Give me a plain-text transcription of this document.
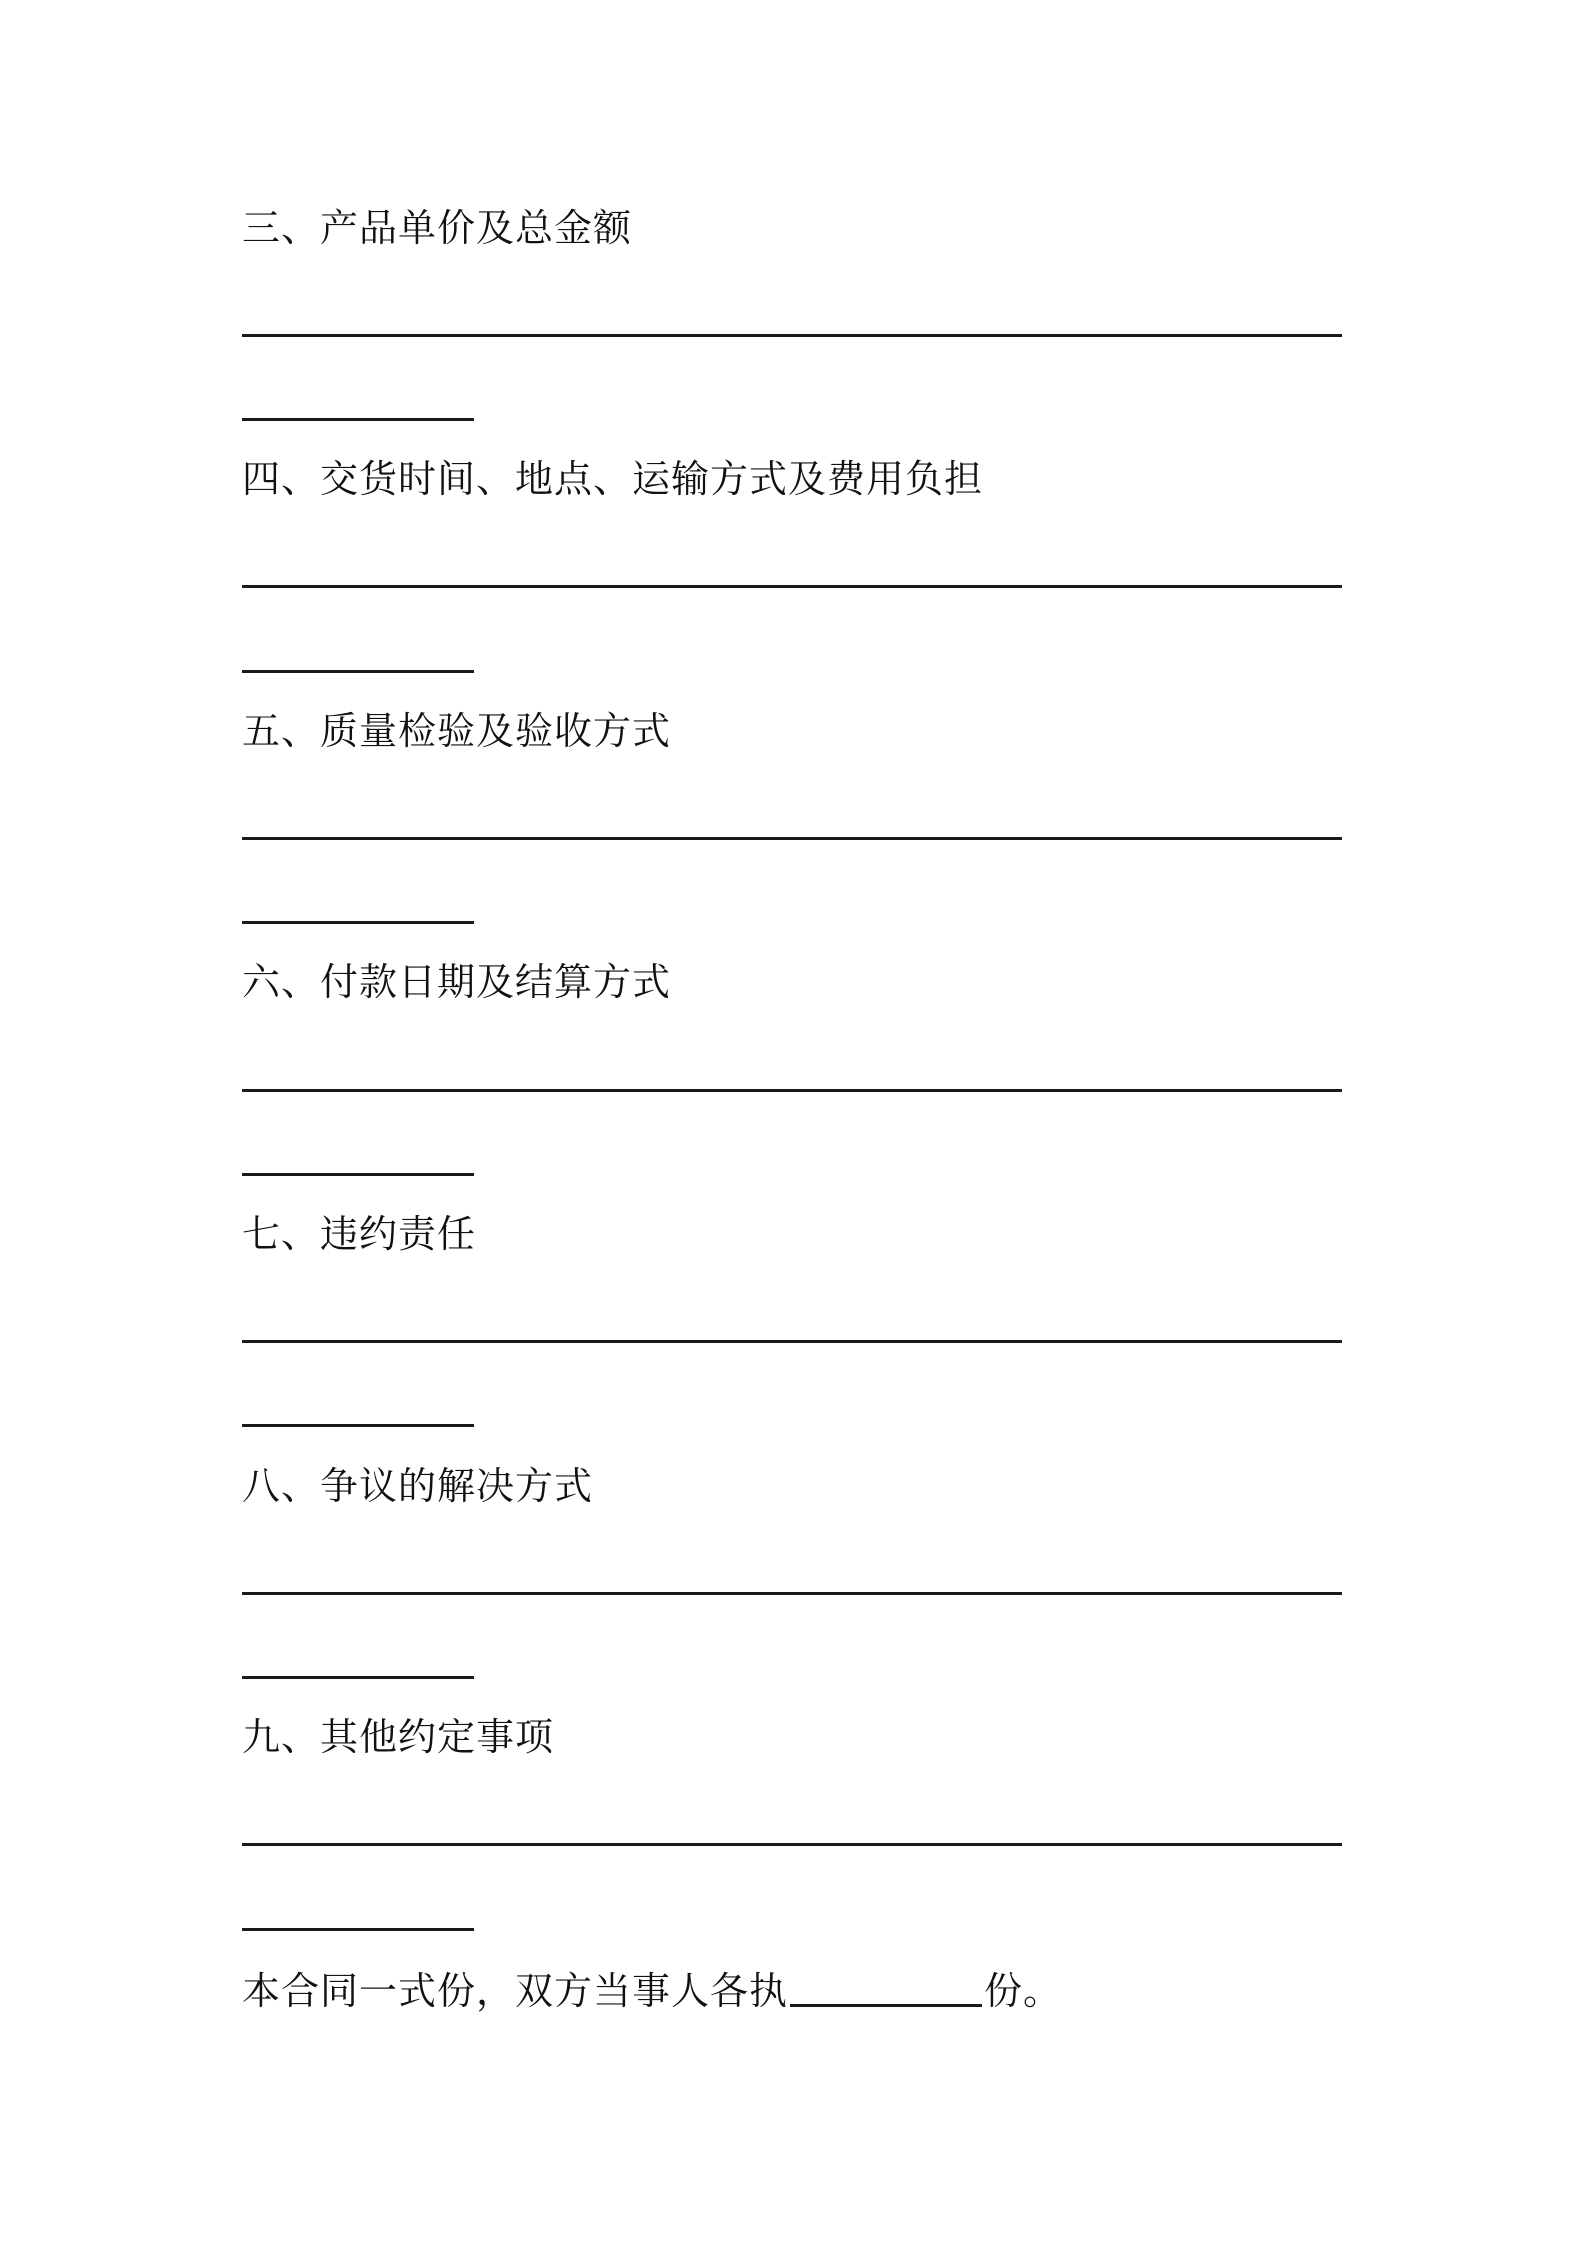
三、产品单价及总金额
四、交货时间、地点、运输方式及费用负担
五、质量检验及验收方式
六、付款日期及结算方式
七、违约责任
八、争议的解决方式
九、其他约定事项
本合同一式份，双方当事人各执	份。
